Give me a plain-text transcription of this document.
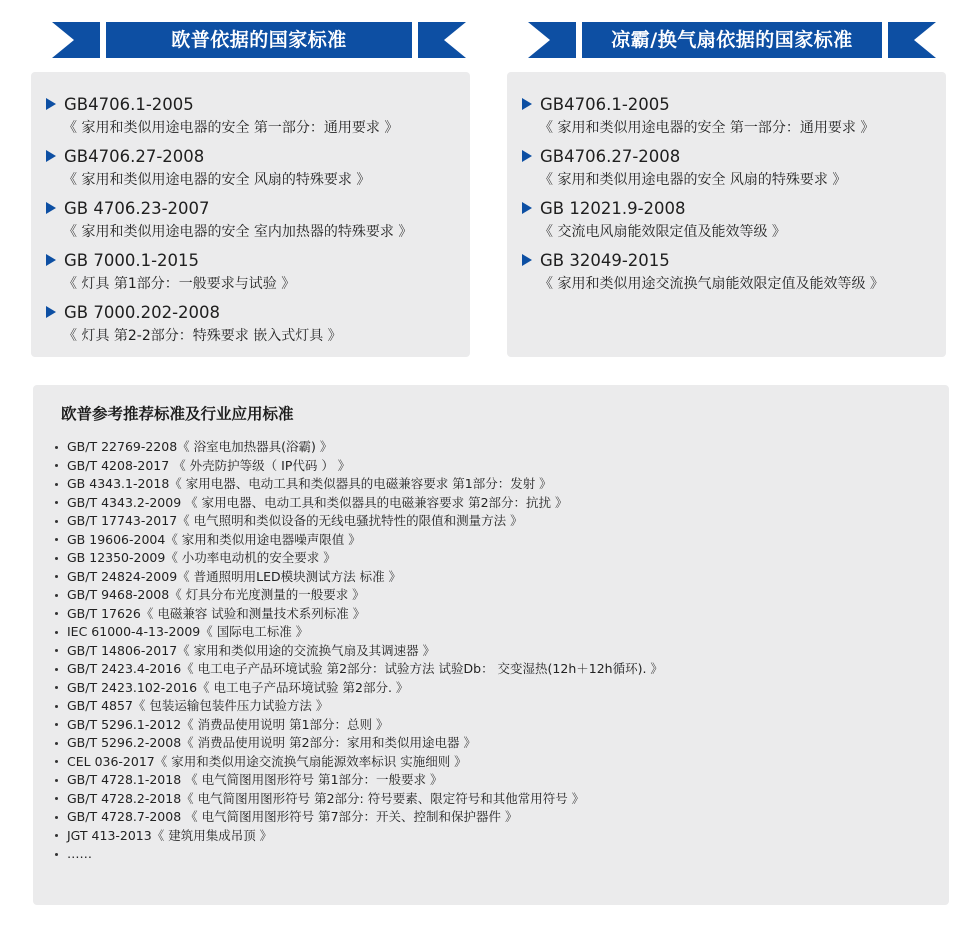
欧普依据的国家标准	凉霸/换气扇依据的国家标准
GB4706.1-2005
《 家用和类似用途电器的安全 第一部分：通用要求 》
GB4706.27-2008
《 家用和类似用途电器的安全 风扇的特殊要求 》
GB 4706.23-2007
《 家用和类似用途电器的安全 室内加热器的特殊要求 》
GB 7000.1-2015
《 灯具 第1部分：一般要求与试验 》
GB 7000.202-2008
《 灯具 第2-2部分：特殊要求 嵌入式灯具 》
GB4706.1-2005
《 家用和类似用途电器的安全 第一部分：通用要求 》
GB4706.27-2008
《 家用和类似用途电器的安全 风扇的特殊要求 》
GB 12021.9-2008
《 交流电风扇能效限定值及能效等级 》
GB 32049-2015
《 家用和类似用途交流换气扇能效限定值及能效等级 》
欧普参考推荐标准及行业应用标准
GB/T 22769-2208《 浴室电加热器具(浴霸) 》
GB/T 4208-2017 《 外壳防护等级（ IP代码 ） 》
GB 4343.1-2018《 家用电器、电动工具和类似器具的电磁兼容要求 第1部分：发射 》
GB/T 4343.2-2009 《 家用电器、电动工具和类似器具的电磁兼容要求 第2部分：抗扰 》
GB/T 17743-2017《 电气照明和类似设备的无线电骚扰特性的限值和测量方法 》
GB 19606-2004《 家用和类似用途电器噪声限值 》
GB 12350-2009《 小功率电动机的安全要求 》
GB/T 24824-2009《 普通照明用LED模块测试方法 标准 》
GB/T 9468-2008《 灯具分布光度测量的一般要求 》
GB/T 17626《 电磁兼容 试验和测量技术系列标准 》
IEC 61000-4-13-2009《 国际电工标准 》
GB/T 14806-2017《 家用和类似用途的交流换气扇及其调速器 》
GB/T 2423.4-2016《 电工电子产品环境试验 第2部分：试验方法 试验Db： 交变湿热(12h＋12h循环). 》
GB/T 2423.102-2016《 电工电子产品环境试验 第2部分. 》
GB/T 4857《 包装运输包装件压力试验方法 》
GB/T 5296.1-2012《 消费品使用说明 第1部分：总则 》
GB/T 5296.2-2008《 消费品使用说明 第2部分：家用和类似用途电器 》
CEL 036-2017《 家用和类似用途交流换气扇能源效率标识 实施细则 》
GB/T 4728.1-2018 《 电气简图用图形符号 第1部分：一般要求 》
GB/T 4728.2-2018《 电气简图用图形符号 第2部分: 符号要素、限定符号和其他常用符号 》
GB/T 4728.7-2008 《 电气简图用图形符号 第7部分：开关、控制和保护器件 》
JGT 413-2013《 建筑用集成吊顶 》
……
